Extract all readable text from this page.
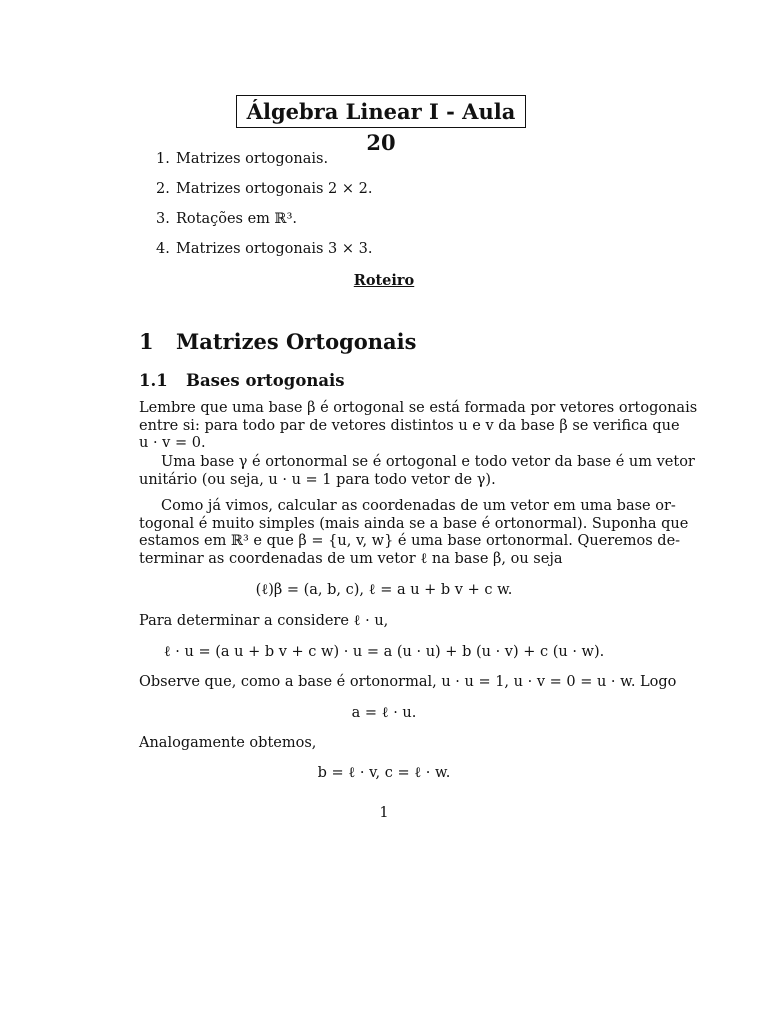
Álgebra Linear I - Aula 20
1. Matrizes ortogonais.
2. Matrizes ortogonais 2 × 2.
3. Rotações em ℝ³.
4. Matrizes ortogonais 3 × 3.
Roteiro
1 Matrizes Ortogonais
1.1 Bases ortogonais
Lembre que uma base β é ortogonal se está formada por vetores ortogonais
entre si: para todo par de vetores distintos u e v da base β se verifica que
u · v = 0.
Uma base γ é ortonormal se é ortogonal e todo vetor da base é um vetor
unitário (ou seja, u · u = 1 para todo vetor de γ).
Como já vimos, calcular as coordenadas de um vetor em uma base or-
togonal é muito simples (mais ainda se a base é ortonormal). Suponha que
estamos em ℝ³ e que β = {u, v, w} é uma base ortonormal. Queremos de-
terminar as coordenadas de um vetor ℓ na base β, ou seja
(ℓ)β = (a, b, c), ℓ = a u + b v + c w.
Para determinar a considere ℓ · u,
ℓ · u = (a u + b v + c w) · u = a (u · u) + b (u · v) + c (u · w).
Observe que, como a base é ortonormal, u · u = 1, u · v = 0 = u · w. Logo
a = ℓ · u.
Analogamente obtemos,
b = ℓ · v, c = ℓ · w.
1
